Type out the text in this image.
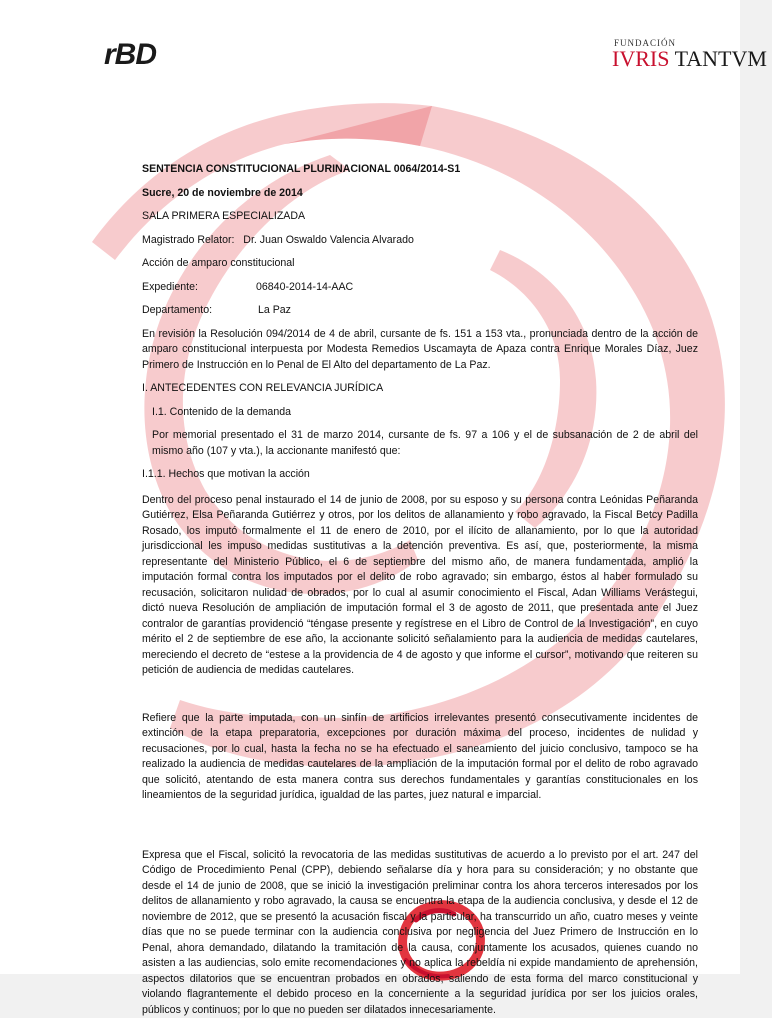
rBD	FUNDACIÓN
IVRIS TANTVM

SENTENCIA CONSTITUCIONAL PLURINACIONAL 0064/2014-S1

Sucre, 20 de noviembre de 2014

SALA PRIMERA ESPECIALIZADA

Magistrado Relator: Dr. Juan Oswaldo Valencia Alvarado

Acción de amparo constitucional

Expediente:	06840-2014-14-AAC
Departamento:	La Paz

En revisión la Resolución 094/2014 de 4 de abril, cursante de fs. 151 a 153 vta., pronunciada dentro de la acción de amparo constitucional interpuesta por Modesta Remedios Uscamayta de Apaza contra Enrique Morales Díaz, Juez Primero de Instrucción en lo Penal de El Alto del departamento de La Paz.

I. ANTECEDENTES CON RELEVANCIA JURÍDICA

I.1. Contenido de la demanda

Por memorial presentado el 31 de marzo 2014, cursante de fs. 97 a 106 y el de subsanación de 2 de abril del mismo año (107 y vta.), la accionante manifestó que:

I.1.1. Hechos que motivan la acción

Dentro del proceso penal instaurado el 14 de junio de 2008, por su esposo y su persona contra Leónidas Peñaranda Gutiérrez, Elsa Peñaranda Gutiérrez y otros, por los delitos de allanamiento y robo agravado, la Fiscal Betcy Padilla Rosado, los imputó formalmente el 11 de enero de 2010, por el ilícito de allanamiento, por lo que la autoridad jurisdiccional les impuso medidas sustitutivas a la detención preventiva. Es así, que, posteriormente, la misma representante del Ministerio Público, el 6 de septiembre del mismo año, de manera fundamentada, amplió la imputación formal contra los imputados por el delito de robo agravado; sin embargo, éstos al haber formulado su recusación, solicitaron nulidad de obrados, por lo cual al asumir conocimiento el Fiscal, Adan Williams Verástegui, dictó nueva Resolución de ampliación de imputación formal el 3 de agosto de 2011, que presentada ante el Juez contralor de garantías providenció “téngase presente y regístrese en el Libro de Control de la Investigación”, en cuyo mérito el 2 de septiembre de ese año, la accionante solicitó señalamiento para la audiencia de medidas cautelares, mereciendo el decreto de “estese a la providencia de 4 de agosto y que informe el cursor”, motivando que reiteren su petición de audiencia de medidas cautelares.

Refiere que la parte imputada, con un sinfín de artificios irrelevantes presentó consecutivamente incidentes de extinción de la etapa preparatoria, excepciones por duración máxima del proceso, incidentes de nulidad y recusaciones, por lo cual, hasta la fecha no se ha efectuado el saneamiento del juicio conclusivo, tampoco se ha realizado la audiencia de medidas cautelares de la ampliación de la imputación formal por el delito de robo agravado que solicitó, atentando de esta manera contra sus derechos fundamentales y garantías constitucionales en los lineamientos de la seguridad jurídica, igualdad de las partes, juez natural e imparcial.

Expresa que el Fiscal, solicitó la revocatoria de las medidas sustitutivas de acuerdo a lo previsto por el art. 247 del Código de Procedimiento Penal (CPP), debiendo señalarse día y hora para su consideración; y no obstante que desde el 14 de junio de 2008, que se inició la investigación preliminar contra los ahora terceros interesados por los delitos de allanamiento y robo agravado, la causa se encuentra la etapa de la audiencia conclusiva, y desde el 12 de noviembre de 2012, que se presentó la acusación fiscal y la particular, ha transcurrido un año, cuatro meses y veinte días que no se puede terminar con la audiencia conclusiva por negligencia del Juez Primero de Instrucción en lo Penal, ahora demandado, dilatando la tramitación de la causa, conjuntamente los acusados, quienes cuando no asisten a las audiencias, solo emite recomendaciones y no aplica la rebeldía ni expide mandamiento de aprehensión, aspectos dilatorios que se encuentran probados en obrados, saliendo de esta forma del marco constitucional y violando flagrantemente el debido proceso en la concerniente a la seguridad jurídica por ser los juicios orales, públicos y continuos; por lo que no pueden ser dilatados innecesariamente.
